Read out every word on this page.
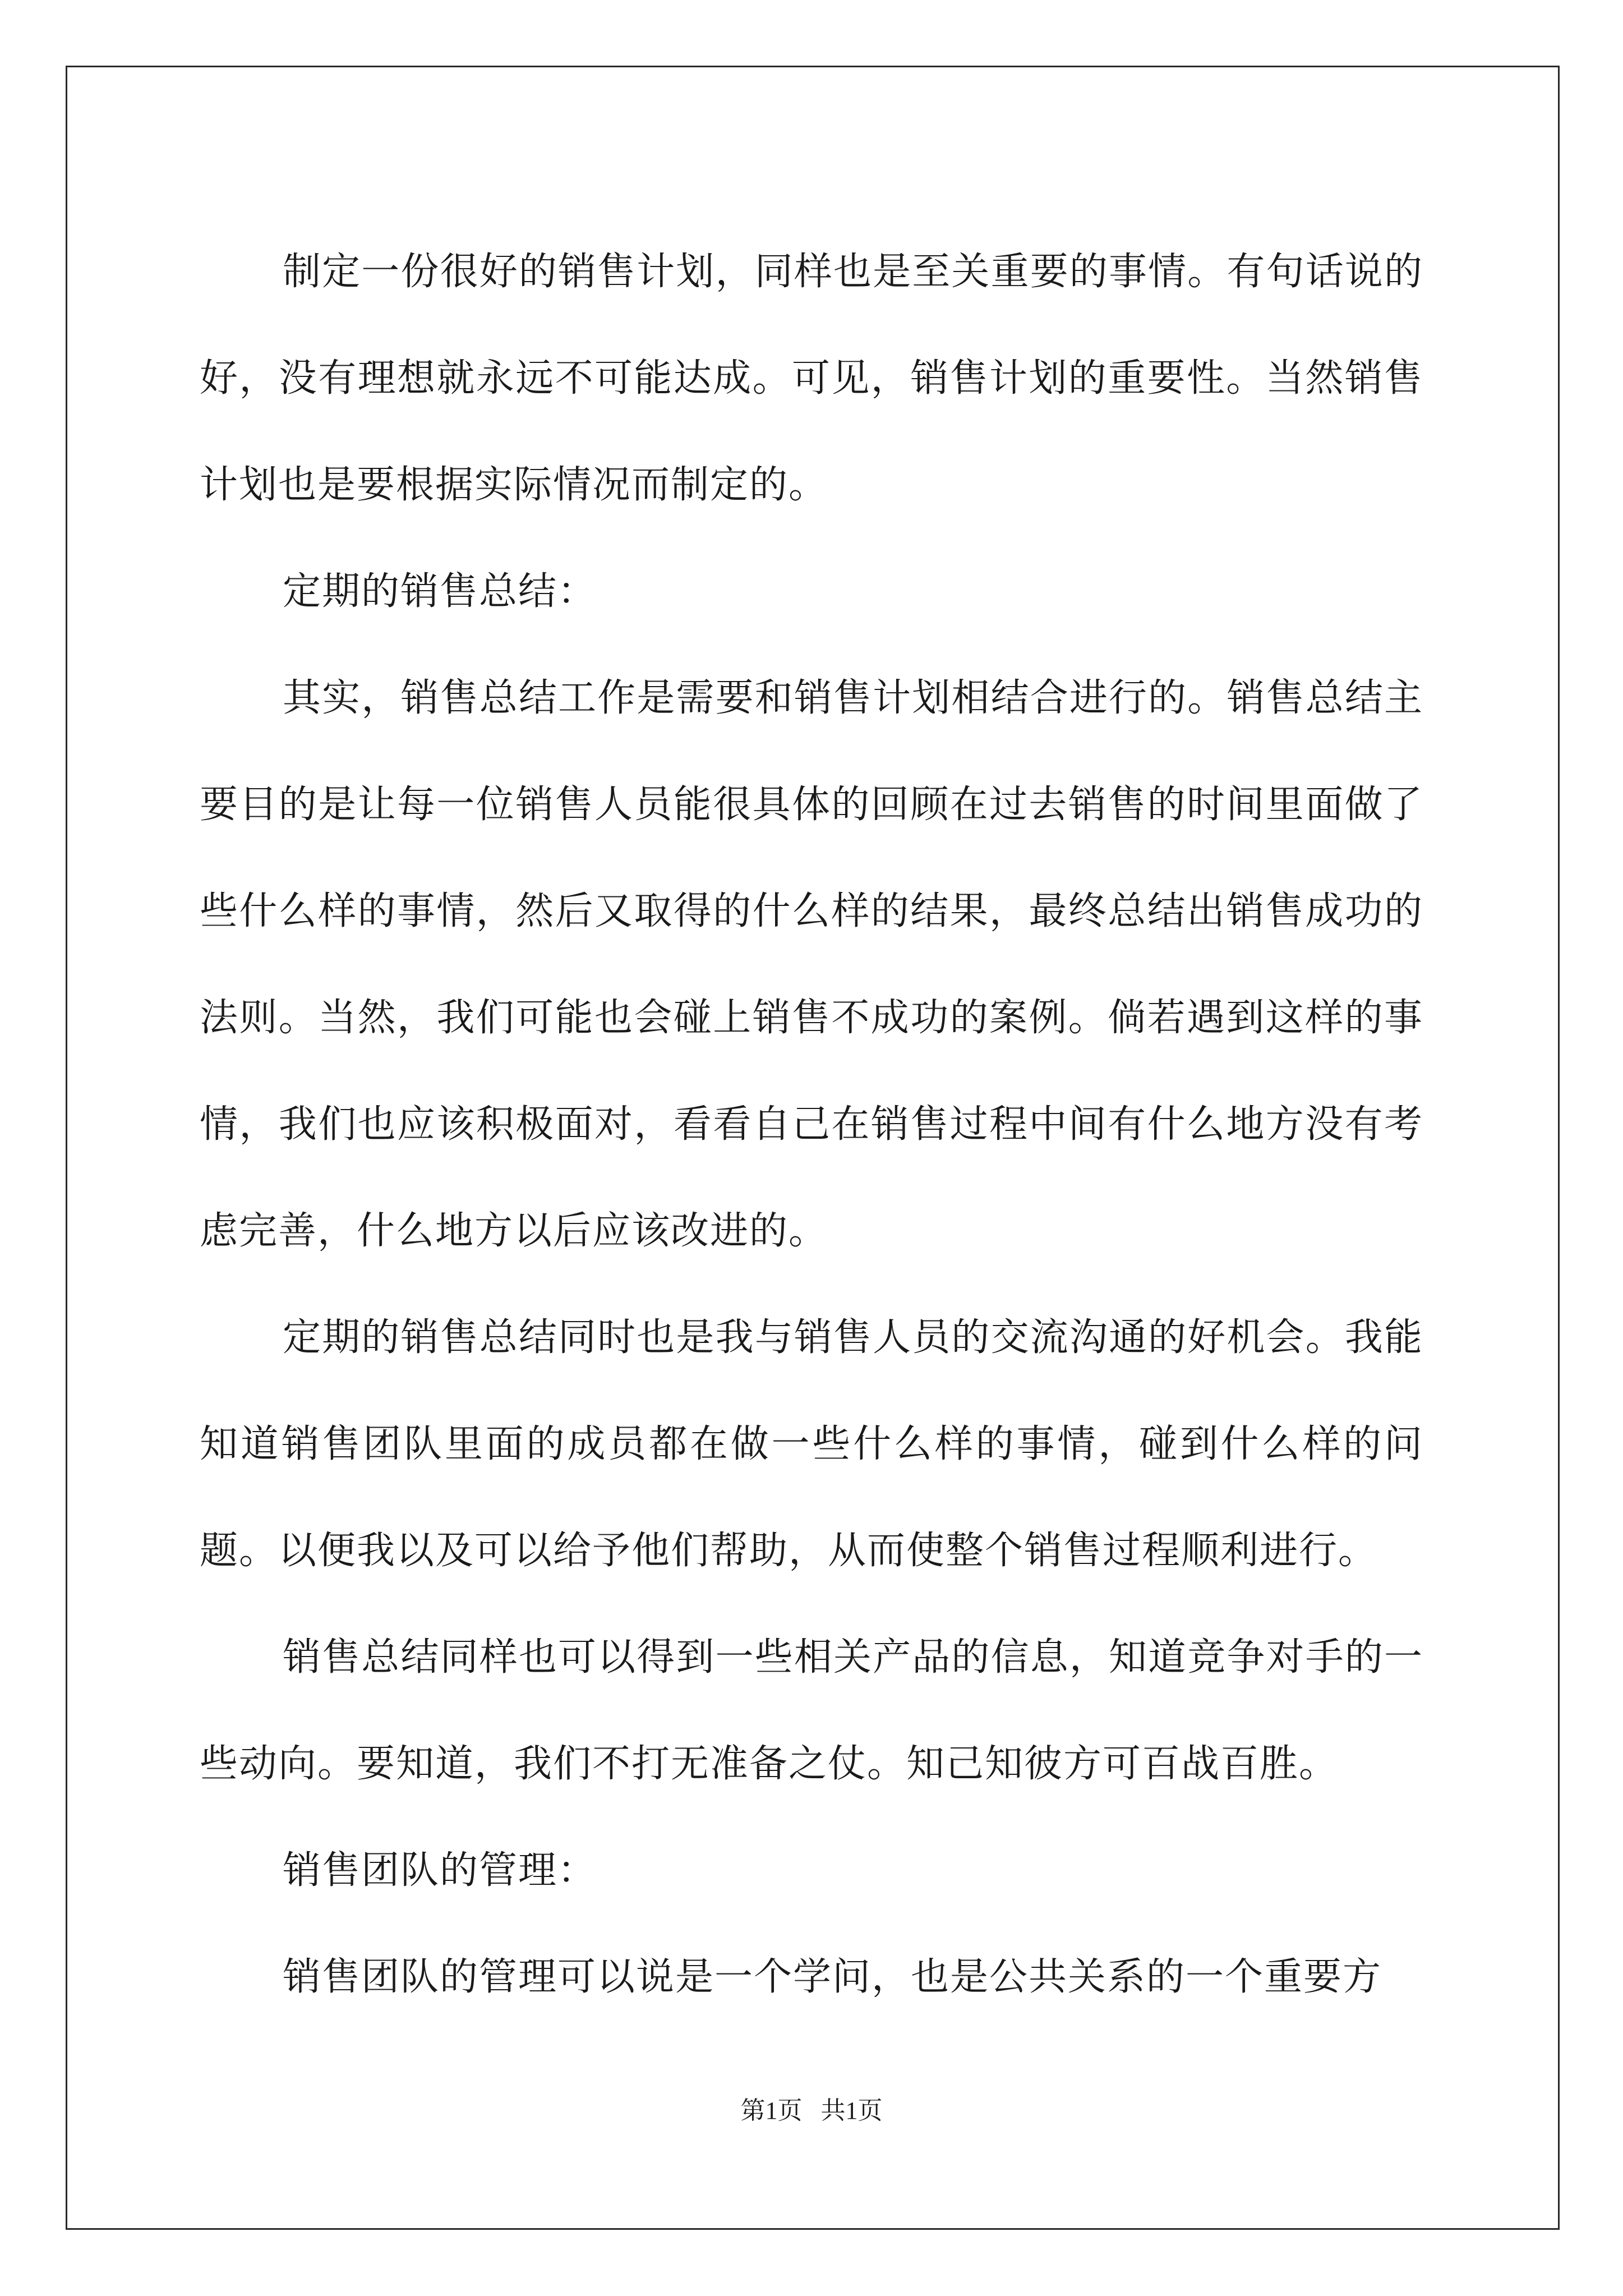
制定一份很好的销售计划，同样也是至关重要的事情。有句话说的好，没有理想就永远不可能达成。可见，销售计划的重要性。当然销售计划也是要根据实际情况而制定的。

定期的销售总结：

其实，销售总结工作是需要和销售计划相结合进行的。销售总结主要目的是让每一位销售人员能很具体的回顾在过去销售的时间里面做了些什么样的事情，然后又取得的什么样的结果，最终总结出销售成功的法则。当然，我们可能也会碰上销售不成功的案例。倘若遇到这样的事情，我们也应该积极面对，看看自己在销售过程中间有什么地方没有考虑完善，什么地方以后应该改进的。

定期的销售总结同时也是我与销售人员的交流沟通的好机会。我能知道销售团队里面的成员都在做一些什么样的事情，碰到什么样的问题。以便我以及可以给予他们帮助，从而使整个销售过程顺利进行。

销售总结同样也可以得到一些相关产品的信息，知道竞争对手的一些动向。要知道，我们不打无准备之仗。知己知彼方可百战百胜。

销售团队的管理：

销售团队的管理可以说是一个学问，也是公共关系的一个重要方

第1页   共1页
